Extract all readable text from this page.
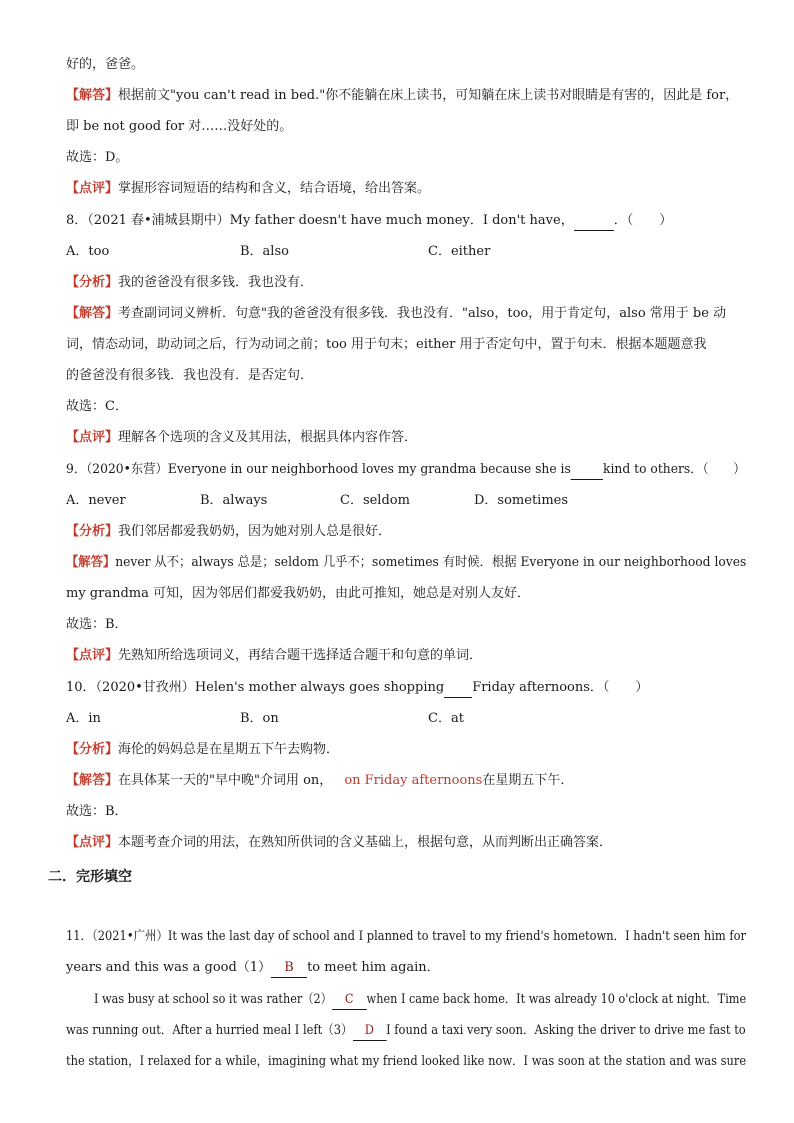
好的，爸爸。
【解答】根据前文"you can't read in bed."你不能躺在床上读书，可知躺在床上读书对眼睛是有害的，因此是 for，
即 be not good for 对……没好处的。
故选：D。
【点评】掌握形容词短语的结构和含义，结合语境，给出答案。
8．（2021 春•浦城县期中）My father doesn't have much money．I don't have，	．（　　）
A．too	B．also	C．either
【分析】我的爸爸没有很多钱．我也没有．
【解答】考查副词词义辨析．句意"我的爸爸没有很多钱．我也没有．"also，too，用于肯定句，also 常用于 be 动
词，情态动词，助动词之后，行为动词之前；too 用于句末；either 用于否定句中，置于句末．根据本题题意我
的爸爸没有很多钱．我也没有．是否定句．
故选：C．
【点评】理解各个选项的含义及其用法，根据具体内容作答．
9．（2020•东营）Everyone in our neighborhood loves my grandma because she is kind to others．（　　）
A．never	B．always	C．seldom	D．sometimes
【分析】我们邻居都爱我奶奶，因为她对别人总是很好．
【解答】never 从不；always 总是；seldom 几乎不；sometimes 有时候．根据 Everyone in our neighborhood loves
my grandma 可知，因为邻居们都爱我奶奶，由此可推知，她总是对别人友好．
故选：B．
【点评】先熟知所给选项词义，再结合题干选择适合题干和句意的单词．
10．（2020•甘孜州）Helen's mother always goes shopping Friday afternoons．（　　）
A．in	B．on	C．at
【分析】海伦的妈妈总是在星期五下午去购物．
【解答】在具体某一天的"早中晚"介词用 on， on Friday afternoons在星期五下午．
故选：B．
【点评】本题考查介词的用法，在熟知所供词的含义基础上，根据句意，从而判断出正确答案．
二．完形填空
11．（2021•广州）It was the last day of school and I planned to travel to my friend's hometown．I hadn't seen him for
years and this was a good（1） B to meet him again．
I was busy at school so it was rather（2） C when I came back home．It was already 10 o'clock at night．Time
was running out．After a hurried meal I left（3） D I found a taxi very soon．Asking the driver to drive me fast to
the station，I relaxed for a while，imagining what my friend looked like now．I was soon at the station and was sure
